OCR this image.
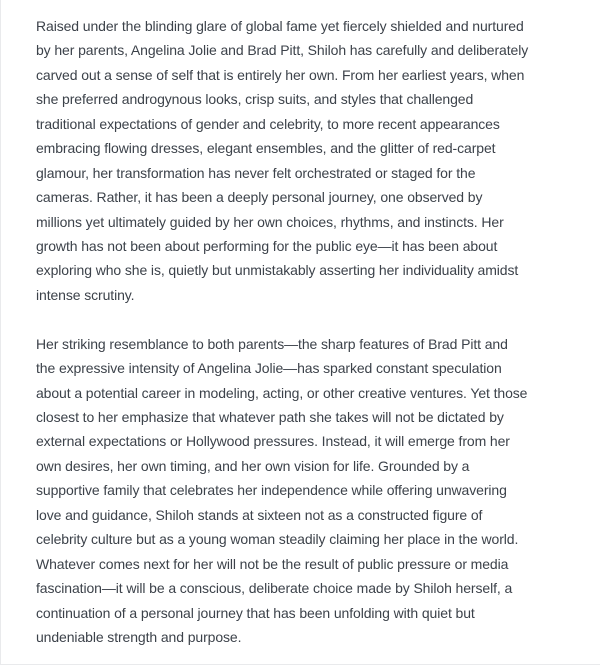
Raised under the blinding glare of global fame yet fiercely shielded and nurtured
by her parents, Angelina Jolie and Brad Pitt, Shiloh has carefully and deliberately
carved out a sense of self that is entirely her own. From her earliest years, when
she preferred androgynous looks, crisp suits, and styles that challenged
traditional expectations of gender and celebrity, to more recent appearances
embracing flowing dresses, elegant ensembles, and the glitter of red-carpet
glamour, her transformation has never felt orchestrated or staged for the
cameras. Rather, it has been a deeply personal journey, one observed by
millions yet ultimately guided by her own choices, rhythms, and instincts. Her
growth has not been about performing for the public eye—it has been about
exploring who she is, quietly but unmistakably asserting her individuality amidst
intense scrutiny.

Her striking resemblance to both parents—the sharp features of Brad Pitt and
the expressive intensity of Angelina Jolie—has sparked constant speculation
about a potential career in modeling, acting, or other creative ventures. Yet those
closest to her emphasize that whatever path she takes will not be dictated by
external expectations or Hollywood pressures. Instead, it will emerge from her
own desires, her own timing, and her own vision for life. Grounded by a
supportive family that celebrates her independence while offering unwavering
love and guidance, Shiloh stands at sixteen not as a constructed figure of
celebrity culture but as a young woman steadily claiming her place in the world.
Whatever comes next for her will not be the result of public pressure or media
fascination—it will be a conscious, deliberate choice made by Shiloh herself, a
continuation of a personal journey that has been unfolding with quiet but
undeniable strength and purpose.
